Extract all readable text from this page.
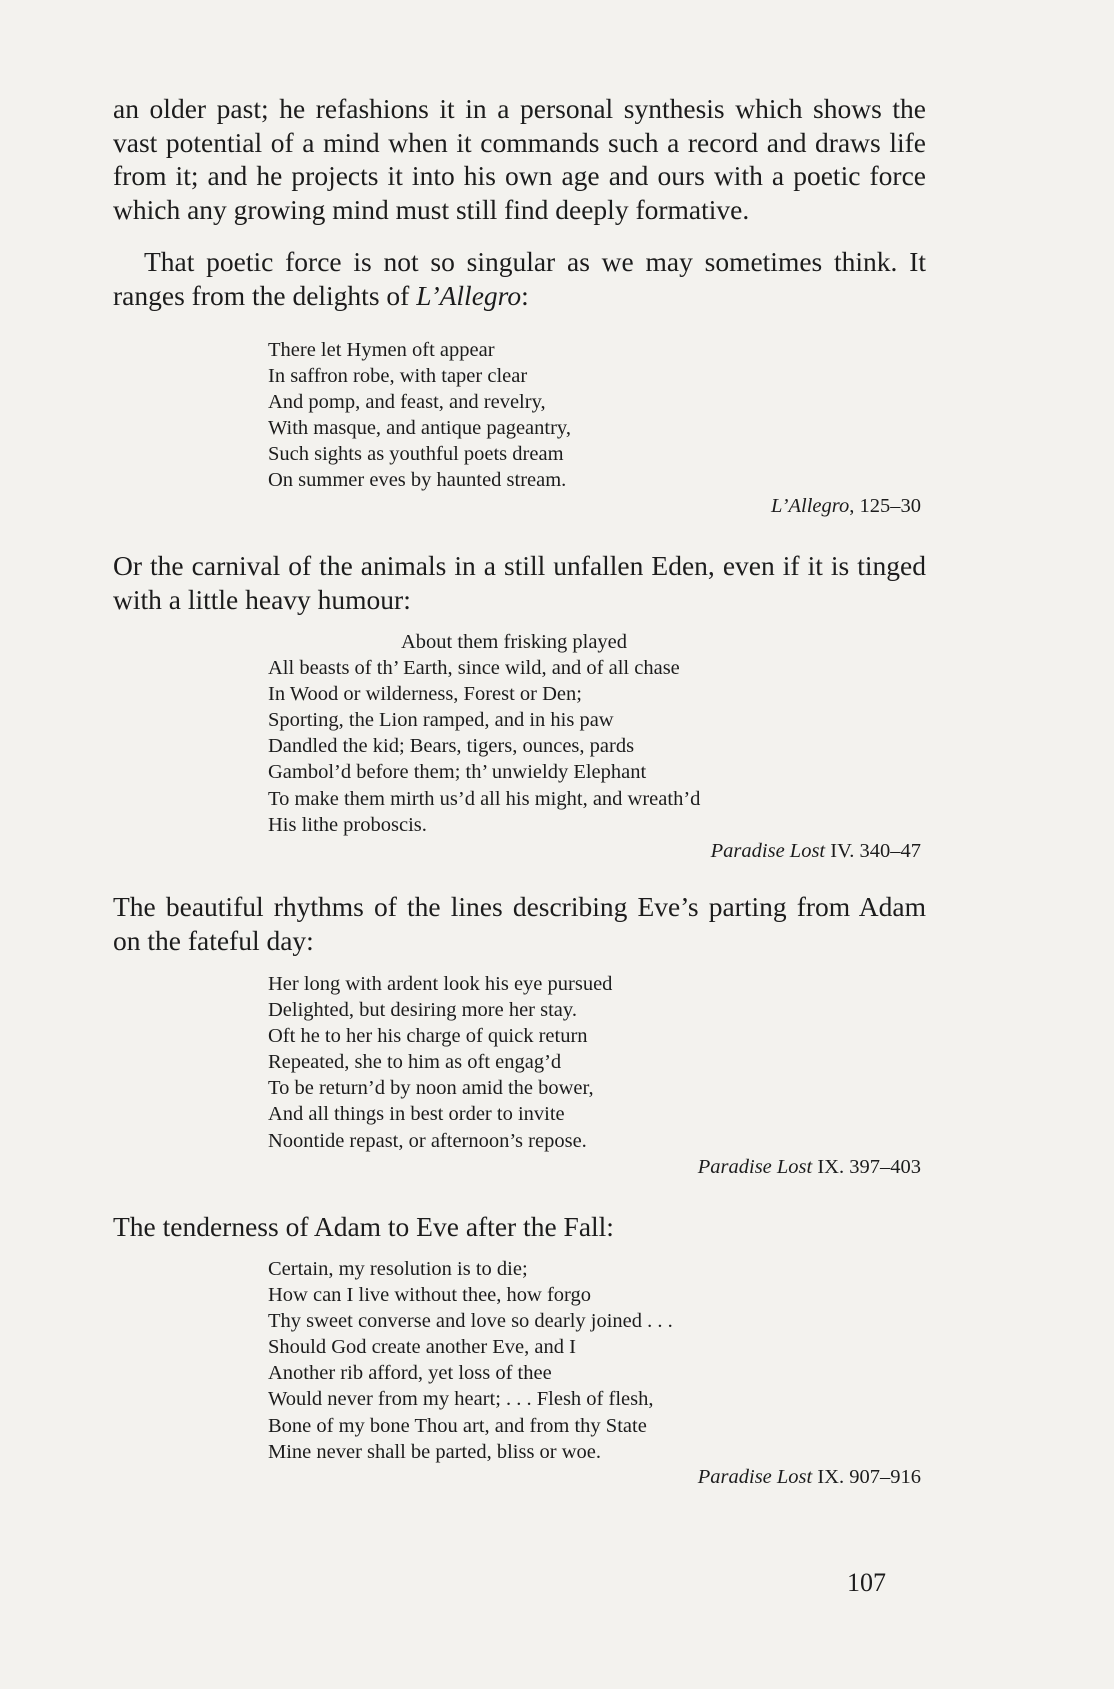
an older past; he refashions it in a personal synthesis which shows the vast potential of a mind when it commands such a record and draws life from it; and he projects it into his own age and ours with a poetic force which any growing mind must still find deeply formative.

That poetic force is not so singular as we may sometimes think. It ranges from the delights of L’Allegro:

There let Hymen oft appear
In saffron robe, with taper clear
And pomp, and feast, and revelry,
With masque, and antique pageantry,
Such sights as youthful poets dream
On summer eves by haunted stream.
L’Allegro, 125–30

Or the carnival of the animals in a still unfallen Eden, even if it is tinged with a little heavy humour:

About them frisking played
All beasts of th’ Earth, since wild, and of all chase
In Wood or wilderness, Forest or Den;
Sporting, the Lion ramped, and in his paw
Dandled the kid; Bears, tigers, ounces, pards
Gambol’d before them; th’ unwieldy Elephant
To make them mirth us’d all his might, and wreath’d
His lithe proboscis.
Paradise Lost IV. 340–47

The beautiful rhythms of the lines describing Eve’s parting from Adam on the fateful day:

Her long with ardent look his eye pursued
Delighted, but desiring more her stay.
Oft he to her his charge of quick return
Repeated, she to him as oft engag’d
To be return’d by noon amid the bower,
And all things in best order to invite
Noontide repast, or afternoon’s repose.
Paradise Lost IX. 397–403

The tenderness of Adam to Eve after the Fall:

Certain, my resolution is to die;
How can I live without thee, how forgo
Thy sweet converse and love so dearly joined . . .
Should God create another Eve, and I
Another rib afford, yet loss of thee
Would never from my heart; . . . Flesh of flesh,
Bone of my bone Thou art, and from thy State
Mine never shall be parted, bliss or woe.
Paradise Lost IX. 907–916
107
